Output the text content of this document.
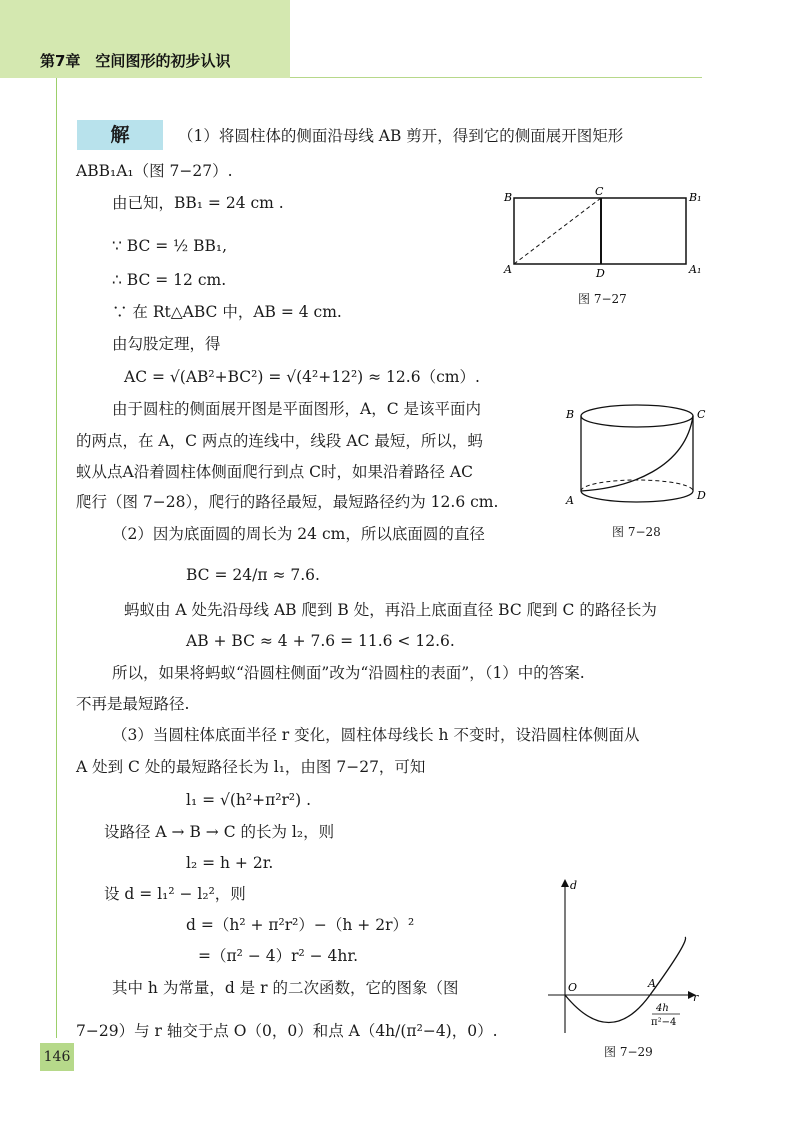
第7章　空间图形的初步认识
解	（1）将圆柱体的侧面沿母线 AB 剪开，得到它的侧面展开图矩形
ABB₁A₁（图 7−27）.
由已知，BB₁ = 24 cm .
∵ BC = ½ BB₁,
∴ BC = 12 cm.
∵ 在 Rt△ABC 中，AB = 4 cm.
由勾股定理，得
AC = √(AB²+BC²) = √(4²+12²) ≈ 12.6（cm）.
由于圆柱的侧面展开图是平面图形，A，C 是该平面内
的两点，在 A，C 两点的连线中，线段 AC 最短，所以，蚂
蚁从点A沿着圆柱体侧面爬行到点 C时，如果沿着路径 AC
爬行（图 7−28），爬行的路径最短，最短路径约为 12.6 cm.
（2）因为底面圆的周长为 24 cm，所以底面圆的直径
BC = 24/π ≈ 7.6.
蚂蚁由 A 处先沿母线 AB 爬到 B 处，再沿上底面直径 BC 爬到 C 的路径长为
AB + BC ≈ 4 + 7.6 = 11.6 < 12.6.
所以，如果将蚂蚁“沿圆柱侧面”改为“沿圆柱的表面”，（1）中的答案.
不再是最短路径.
（3）当圆柱体底面半径 r 变化，圆柱体母线长 h 不变时，设沿圆柱体侧面从
A 处到 C 处的最短路径长为 l₁，由图 7−27，可知
l₁ = √(h²+π²r²) .
设路径 A → B → C 的长为 l₂，则
l₂ = h + 2r.
设 d = l₁² − l₂²，则
d =（h² + π²r²）−（h + 2r）²
=（π² − 4）r² − 4hr.
其中 h 为常量，d 是 r 的二次函数，它的图象（图
7−29）与 r 轴交于点 O（0，0）和点 A（4h/(π²−4)，0）.
B	C	B₁
A	D	A₁
图 7−27
B	C
A	D
图 7−28
d
O	A
r
4h
π²−4
图 7−29
146
